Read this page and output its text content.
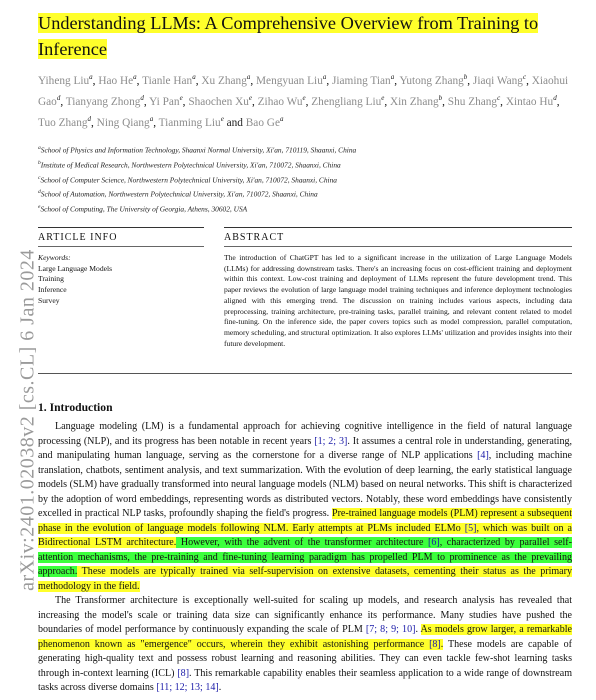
arXiv:2401.02038v2 [cs.CL] 6 Jan 2024
Understanding LLMs: A Comprehensive Overview from Training to Inference
Yiheng Liu$^a$, Hao He$^a$, Tianle Han$^a$, Xu Zhang$^a$, Mengyuan Liu$^a$, Jiaming Tian$^a$, Yutong Zhang$^b$, Jiaqi Wang$^c$, Xiaohui Gao$^d$, Tianyang Zhong$^d$, Yi Pan$^e$, Shaochen Xu$^e$, Zihao Wu$^e$, Zhengliang Liu$^e$, Xin Zhang$^b$, Shu Zhang$^c$, Xintao Hu$^d$, Tuo Zhang$^d$, Ning Qiang$^a$, Tianming Liu$^e$ and Bao Ge$^a$
$^a$School of Physics and Information Technology, Shaanxi Normal University, Xi'an, 710119, Shaanxi, China
$^b$Institute of Medical Research, Northwestern Polytechnical University, Xi'an, 710072, Shaanxi, China
$^c$School of Computer Science, Northwestern Polytechnical University, Xi'an, 710072, Shaanxi, China
$^d$School of Automation, Northwestern Polytechnical University, Xi'an, 710072, Shaanxi, China
$^e$School of Computing, The University of Georgia, Athens, 30602, USA
ARTICLE INFO
Keywords:
Large Language Models
Training
Inference
Survey
ABSTRACT

The introduction of ChatGPT has led to a significant increase in the utilization of Large Language Models (LLMs) for addressing downstream tasks. There's an increasing focus on cost-efficient training and deployment within this context. Low-cost training and deployment of LLMs represent the future development trend. This paper reviews the evolution of large language model training techniques and inference deployment technologies aligned with this emerging trend. The discussion on training includes various aspects, including data preprocessing, training architecture, pre-training tasks, parallel training, and relevant content related to model fine-tuning. On the inference side, the paper covers topics such as model compression, parallel computation, memory scheduling, and structural optimization. It also explores LLMs' utilization and provides insights into their future development.

1. Introduction

Language modeling (LM) is a fundamental approach for achieving cognitive intelligence in the field of natural language processing (NLP), and its progress has been notable in recent years [1; 2; 3]. It assumes a central role in understanding, generating, and manipulating human language, serving as the cornerstone for a diverse range of NLP applications [4], including machine translation, chatbots, sentiment analysis, and text summarization. With the evolution of deep learning, the early statistical language models (SLM) have gradually transformed into neural language models (NLM) based on neural networks. This shift is characterized by the adoption of word embeddings, representing words as distributed vectors. Notably, these word embeddings have consistently excelled in practical NLP tasks, profoundly shaping the field's progress. Pre-trained language models (PLM) represent a subsequent phase in the evolution of language models following NLM. Early attempts at PLMs included ELMo [5], which was built on a Bidirectional LSTM architecture. However, with the advent of the transformer architecture [6], characterized by parallel self-attention mechanisms, the pre-training and fine-tuning learning paradigm has propelled PLM to prominence as the prevailing approach. These models are typically trained via self-supervision on extensive datasets, cementing their status as the primary methodology in the field.

The Transformer architecture is exceptionally well-suited for scaling up models, and research analysis has revealed that increasing the model's scale or training data size can significantly enhance its performance. Many studies have pushed the boundaries of model performance by continuously expanding the scale of PLM [7; 8; 9; 10]. As models grow larger, a remarkable phenomenon known as "emergence" occurs, wherein they exhibit astonishing performance [8]. These models are capable of generating high-quality text and possess robust learning and reasoning abilities. They can even tackle few-shot learning tasks through in-context learning (ICL) [8]. This remarkable capability enables their seamless application to a wide range of downstream tasks across diverse domains [11; 12; 13; 14].
